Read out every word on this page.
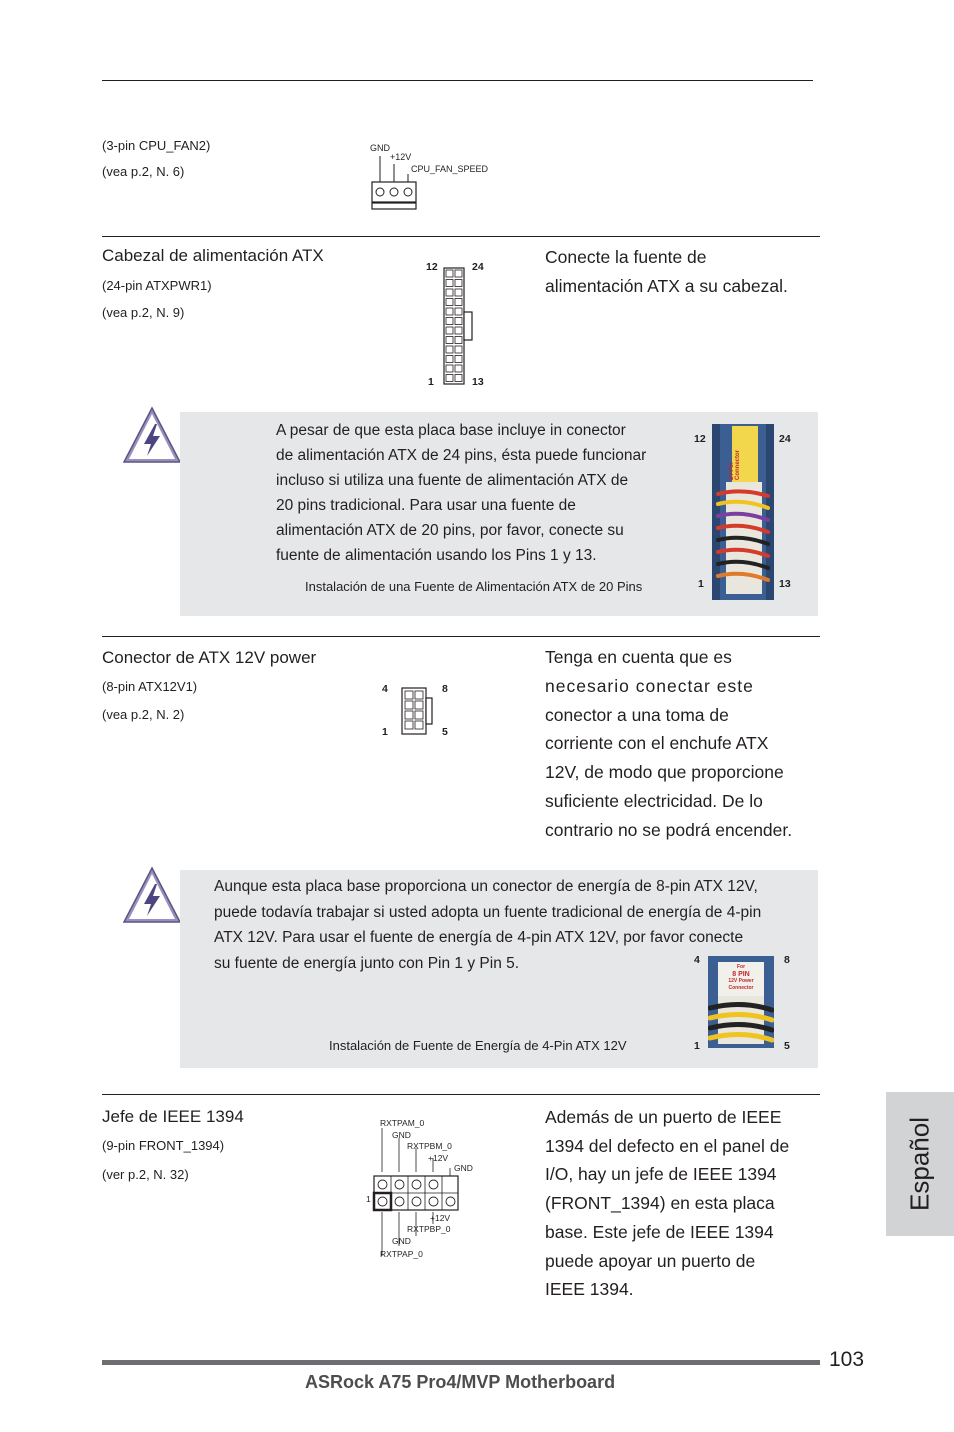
(3-pin CPU_FAN2)
(vea p.2, N. 6)
GND
+12V
CPU_FAN_SPEED
Cabezal de alimentación ATX
(24-pin ATXPWR1)
(vea p.2, N. 9)
Conecte la fuente de
alimentación ATX a su cabezal.
12	24
1	13
A pesar de que esta placa base incluye in conector
de alimentación ATX de 24 pins, ésta puede funcionar
incluso si utiliza una fuente de alimentación ATX de
20 pins tradicional. Para usar una fuente de
alimentación ATX de 20 pins, por favor, conecte su
fuente de alimentación usando los Pins 1 y 13.
Instalación de una Fuente de Alimentación ATX de 20 Pins
12	24
1	13
24 Pin Connector
Conector de ATX 12V power
(8-pin ATX12V1)
(vea p.2, N. 2)
Tenga en cuenta que es
necesario conectar este
conector a una toma de
corriente con el enchufe ATX
12V, de modo que proporcione
suficiente electricidad. De lo
contrario no se podrá encender.
4	8
1	5
Aunque esta placa base proporciona un conector de energía de 8-pin ATX 12V,
puede todavía trabajar si usted adopta un fuente tradicional de energía de 4-pin
ATX 12V. Para usar el fuente de energía de 4-pin ATX 12V, por favor conecte
su fuente de energía junto con Pin 1 y Pin 5.
Instalación de Fuente de Energía de 4-Pin ATX 12V
4	8
1	5
For
8 PIN
12V Power
Connector
Jefe de IEEE 1394
(9-pin FRONT_1394)
(ver p.2, N. 32)
Además de un puerto de IEEE
1394 del defecto en el panel de
I/O, hay un jefe de IEEE 1394
(FRONT_1394) en esta placa
base. Este jefe de IEEE 1394
puede apoyar un puerto de
IEEE 1394.
RXTPAM_0
GND
RXTPBM_0
+12V
GND
1
+12V
RXTPBP_0
GND
RXTPAP_0
Español
103
ASRock A75 Pro4/MVP Motherboard
